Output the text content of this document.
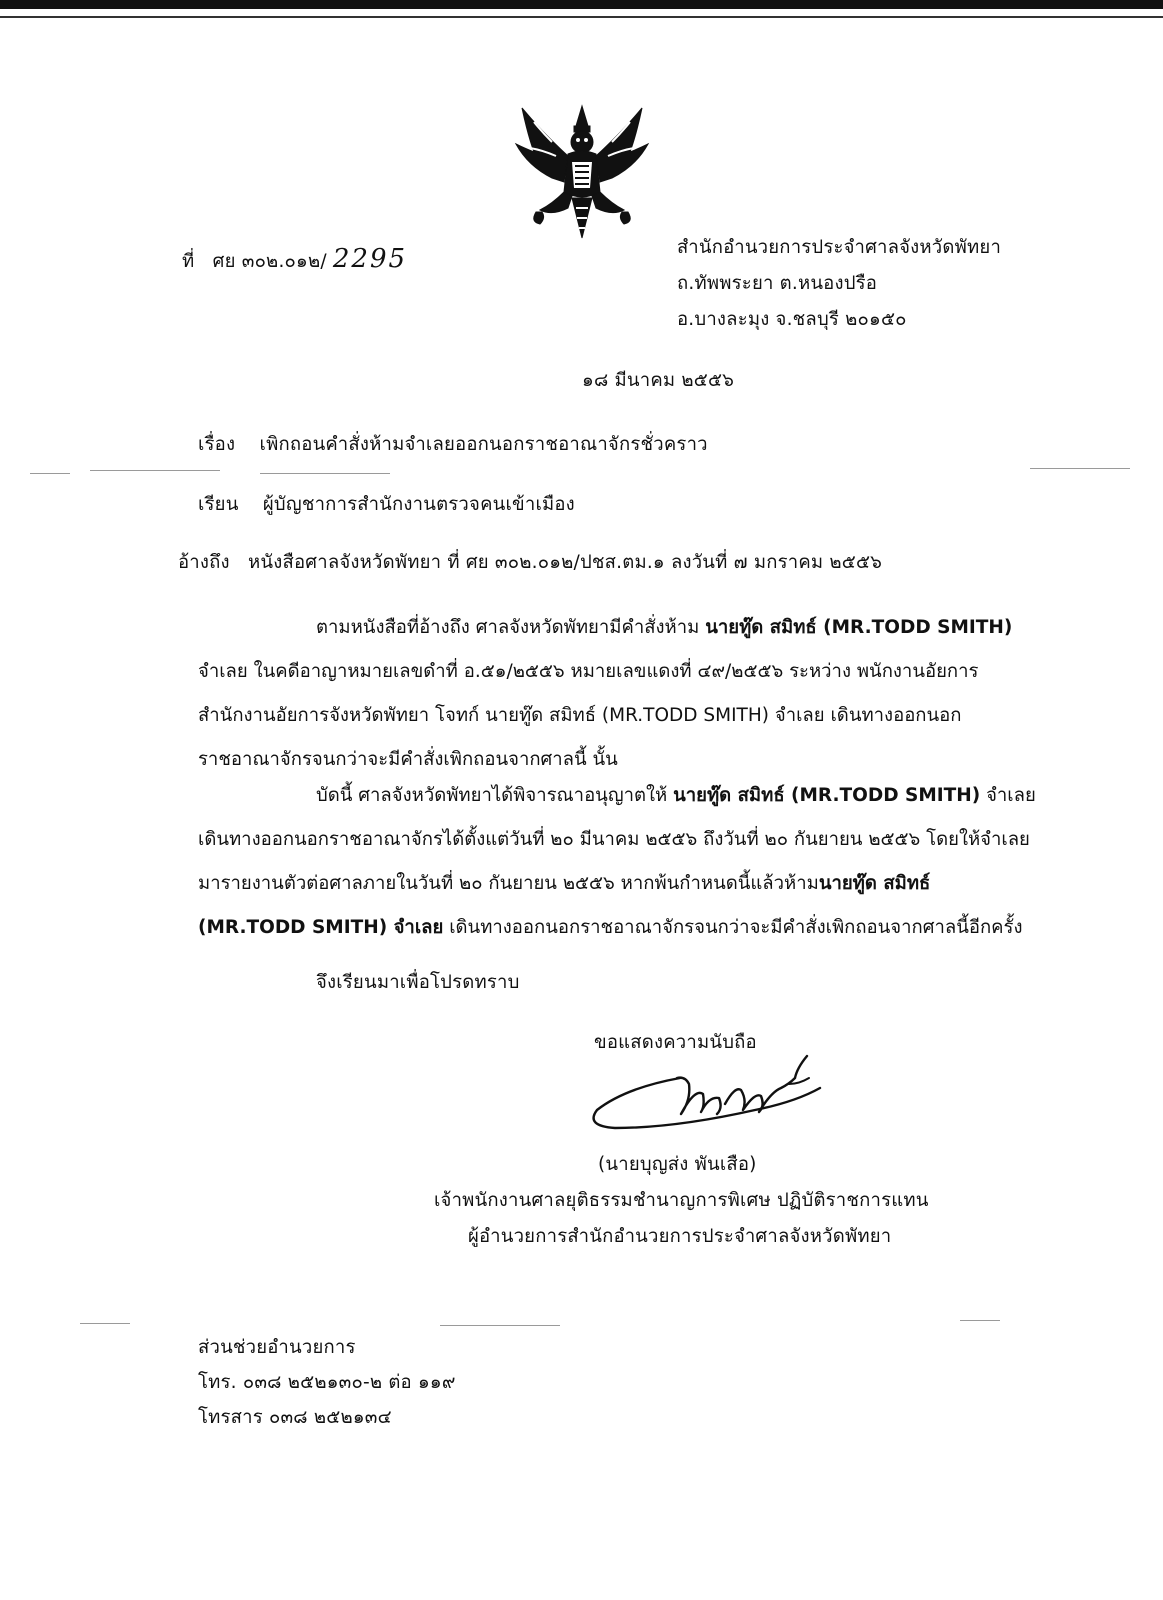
ที่ ศย ๓๐๒.๐๑๒/ 2295	สำนักอำนวยการประจำศาลจังหวัดพัทยา
ถ.ทัพพระยา ต.หนองปรือ
อ.บางละมุง จ.ชลบุรี ๒๐๑๕๐
๑๘ มีนาคม ๒๕๕๖
เรื่อง เพิกถอนคำสั่งห้ามจำเลยออกนอกราชอาณาจักรชั่วคราว
เรียน ผู้บัญชาการสำนักงานตรวจคนเข้าเมือง
อ้างถึง หนังสือศาลจังหวัดพัทยา ที่ ศย ๓๐๒.๐๑๒/ปชส.ตม.๑ ลงวันที่ ๗ มกราคม ๒๕๕๖
ตามหนังสือที่อ้างถึง ศาลจังหวัดพัทยามีคำสั่งห้าม นายทู๊ด สมิทธ์ (MR.TODD SMITH)
จำเลย ในคดีอาญาหมายเลขดำที่ อ.๕๑/๒๕๕๖ หมายเลขแดงที่ ๔๙/๒๕๕๖ ระหว่าง พนักงานอัยการ
สำนักงานอัยการจังหวัดพัทยา โจทก์ นายทู๊ด สมิทธ์ (MR.TODD SMITH) จำเลย เดินทางออกนอก
ราชอาณาจักรจนกว่าจะมีคำสั่งเพิกถอนจากศาลนี้ นั้น
บัดนี้ ศาลจังหวัดพัทยาได้พิจารณาอนุญาตให้ นายทู๊ด สมิทธ์ (MR.TODD SMITH) จำเลย
เดินทางออกนอกราชอาณาจักรได้ตั้งแต่วันที่ ๒๐ มีนาคม ๒๕๕๖ ถึงวันที่ ๒๐ กันยายน ๒๕๕๖ โดยให้จำเลย
มารายงานตัวต่อศาลภายในวันที่ ๒๐ กันยายน ๒๕๕๖ หากพ้นกำหนดนี้แล้วห้ามนายทู๊ด สมิทธ์
(MR.TODD SMITH) จำเลย เดินทางออกนอกราชอาณาจักรจนกว่าจะมีคำสั่งเพิกถอนจากศาลนี้อีกครั้ง
จึงเรียนมาเพื่อโปรดทราบ
ขอแสดงความนับถือ
(นายบุญส่ง พันเสือ)
เจ้าพนักงานศาลยุติธรรมชำนาญการพิเศษ ปฏิบัติราชการแทน
ผู้อำนวยการสำนักอำนวยการประจำศาลจังหวัดพัทยา
ส่วนช่วยอำนวยการ
โทร. ๐๓๘ ๒๕๒๑๓๐-๒ ต่อ ๑๑๙
โทรสาร ๐๓๘ ๒๕๒๑๓๔
